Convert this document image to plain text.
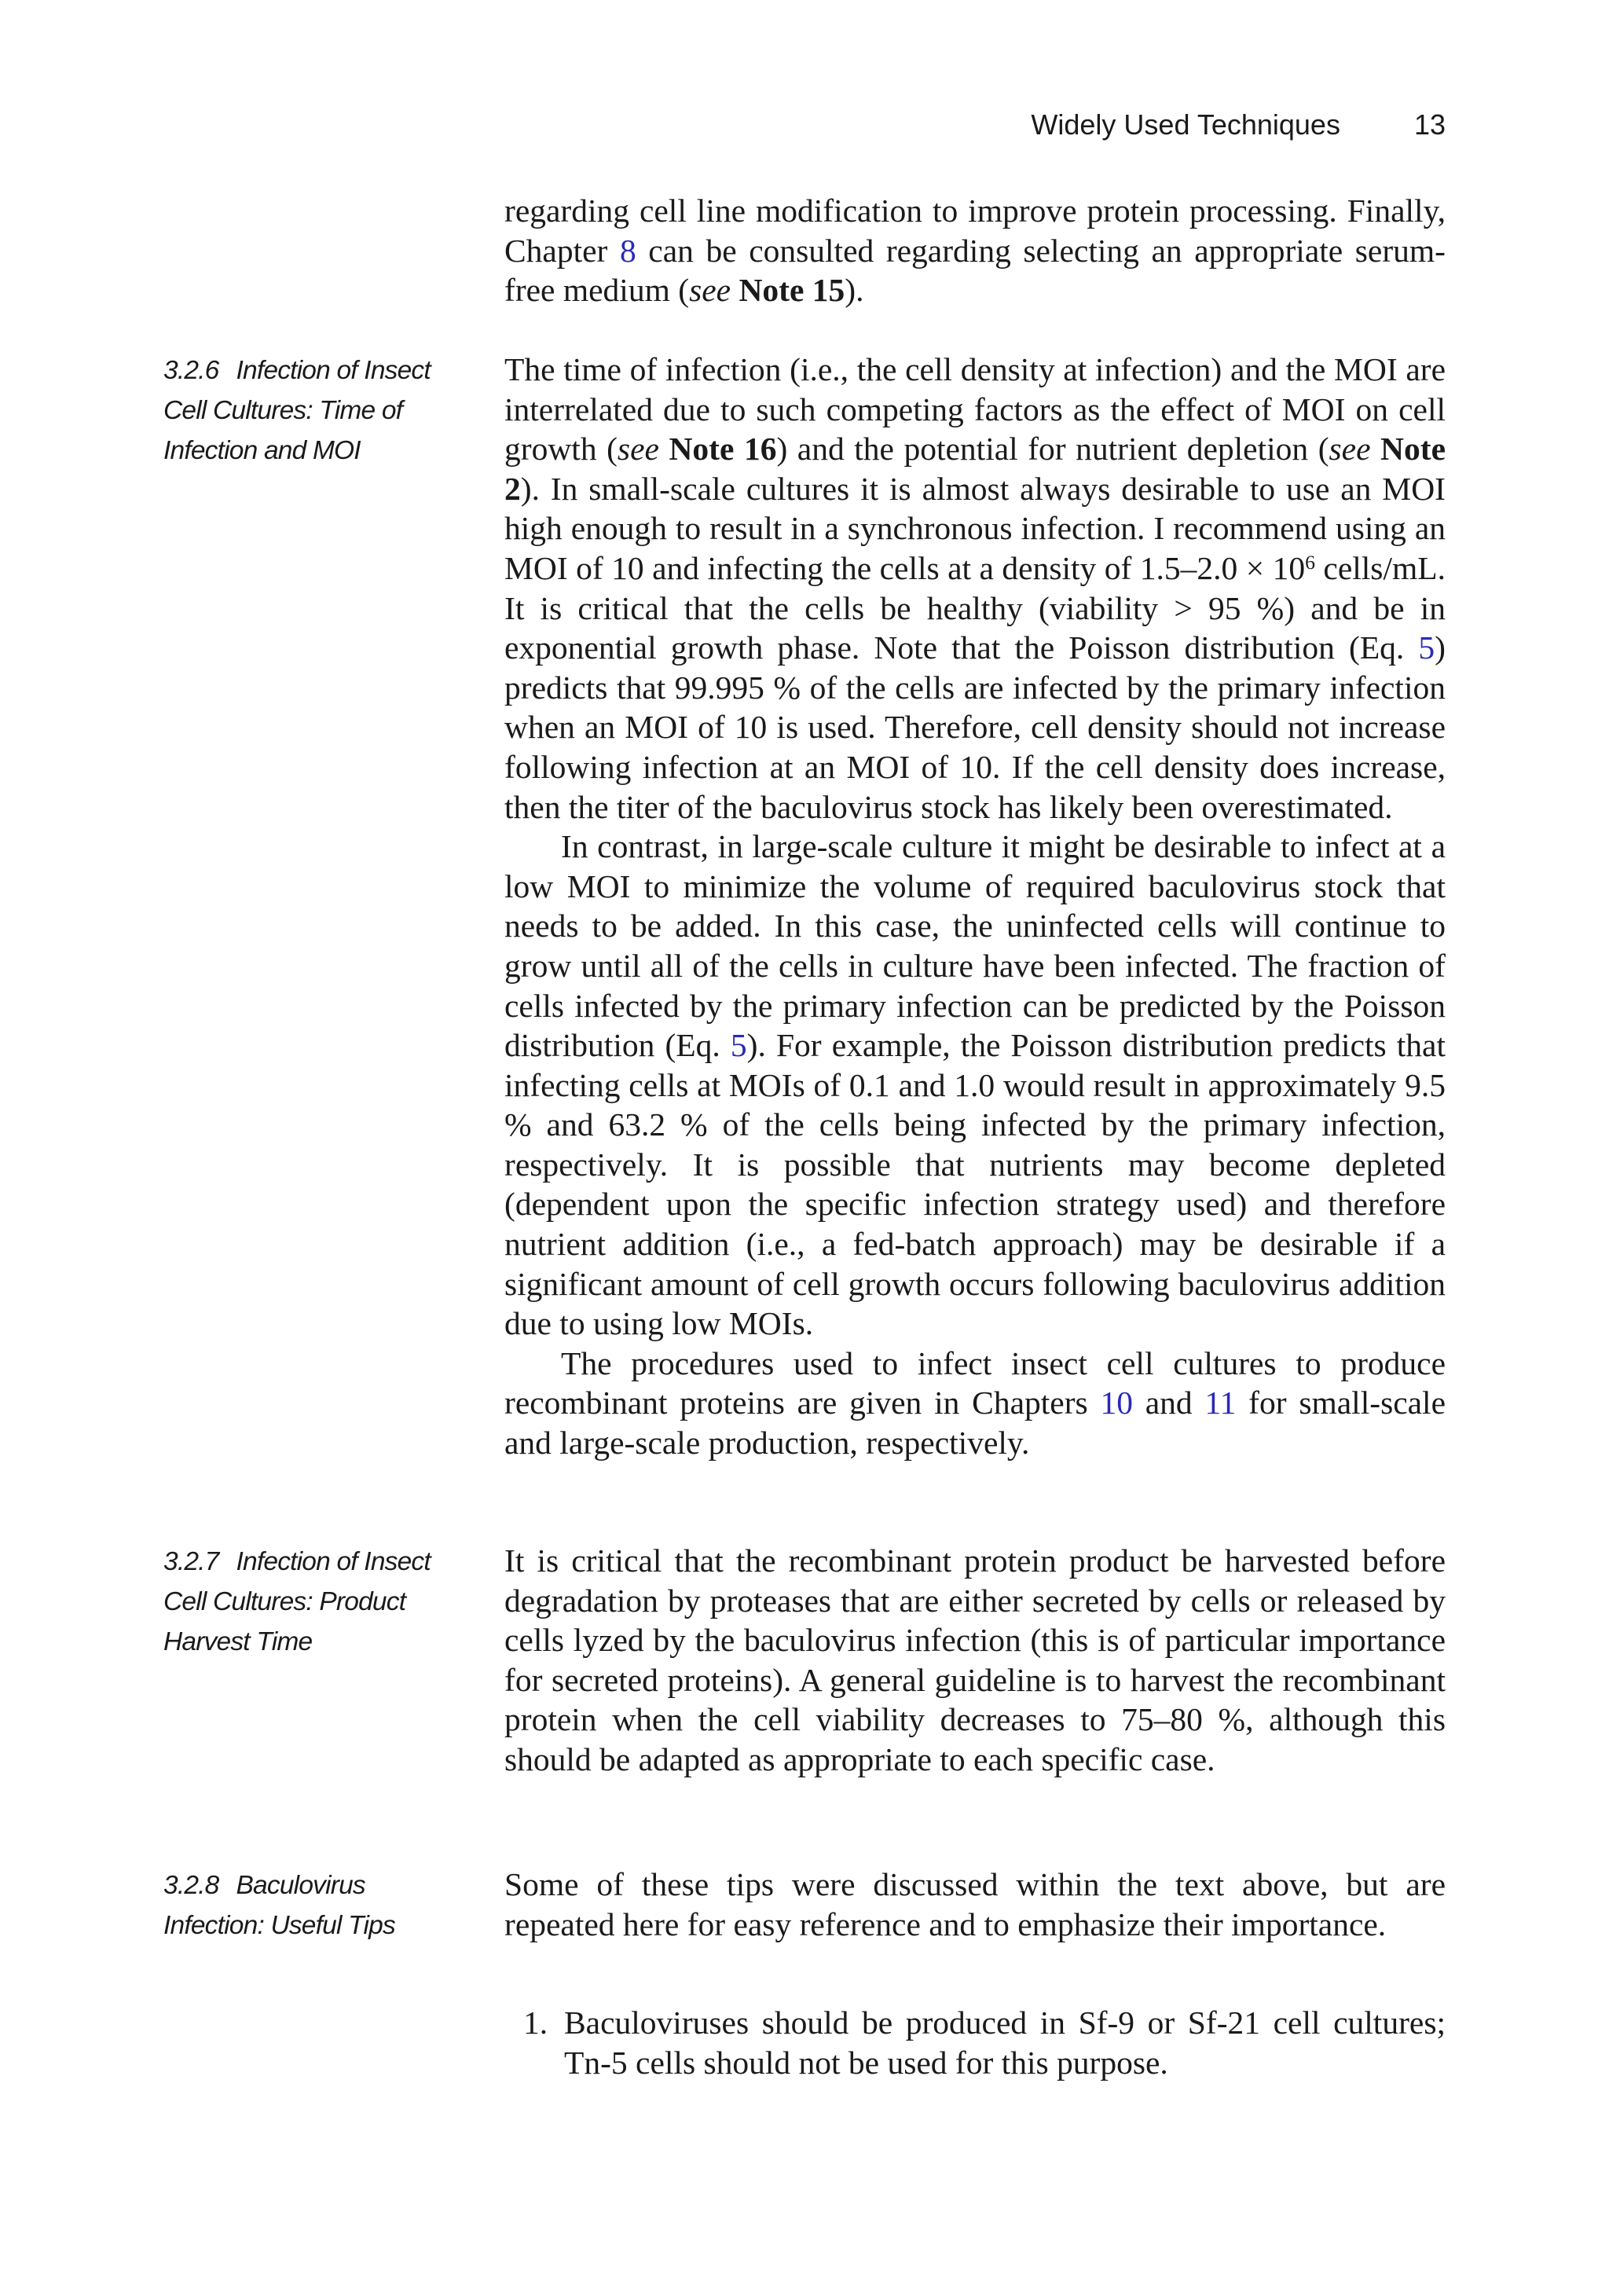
Widely Used Techniques	13

regarding cell line modification to improve protein processing. Finally, Chapter 8 can be consulted regarding selecting an appropriate serum-free medium (see Note 15).

3.2.6 Infection of Insect Cell Cultures: Time of Infection and MOI

The time of infection (i.e., the cell density at infection) and the MOI are interrelated due to such competing factors as the effect of MOI on cell growth (see Note 16) and the potential for nutrient depletion (see Note 2). In small-scale cultures it is almost always desirable to use an MOI high enough to result in a synchronous infection. I recommend using an MOI of 10 and infecting the cells at a density of $1.5-2.0 \times 10^6$ cells/mL. It is critical that the cells be healthy (viability > 95 %) and be in exponential growth phase. Note that the Poisson distribution (Eq. 5) predicts that 99.995 % of the cells are infected by the primary infection when an MOI of 10 is used. Therefore, cell density should not increase following infection at an MOI of 10. If the cell density does increase, then the titer of the baculovirus stock has likely been overestimated.

In contrast, in large-scale culture it might be desirable to infect at a low MOI to minimize the volume of required baculovirus stock that needs to be added. In this case, the uninfected cells will continue to grow until all of the cells in culture have been infected. The fraction of cells infected by the primary infection can be predicted by the Poisson distribution (Eq. 5). For example, the Poisson distribution predicts that infecting cells at MOIs of 0.1 and 1.0 would result in approximately 9.5 % and 63.2 % of the cells being infected by the primary infection, respectively. It is possible that nutrients may become depleted (dependent upon the specific infection strategy used) and therefore nutrient addition (i.e., a fed-batch approach) may be desirable if a significant amount of cell growth occurs following baculovirus addition due to using low MOIs.

The procedures used to infect insect cell cultures to produce recombinant proteins are given in Chapters 10 and 11 for small-scale and large-scale production, respectively.

3.2.7 Infection of Insect Cell Cultures: Product Harvest Time

It is critical that the recombinant protein product be harvested before degradation by proteases that are either secreted by cells or released by cells lyzed by the baculovirus infection (this is of particular importance for secreted proteins). A general guideline is to harvest the recombinant protein when the cell viability decreases to 75–80 %, although this should be adapted as appropriate to each specific case.

3.2.8 Baculovirus Infection: Useful Tips

Some of these tips were discussed within the text above, but are repeated here for easy reference and to emphasize their importance.

1. Baculoviruses should be produced in Sf-9 or Sf-21 cell cultures; Tn-5 cells should not be used for this purpose.
